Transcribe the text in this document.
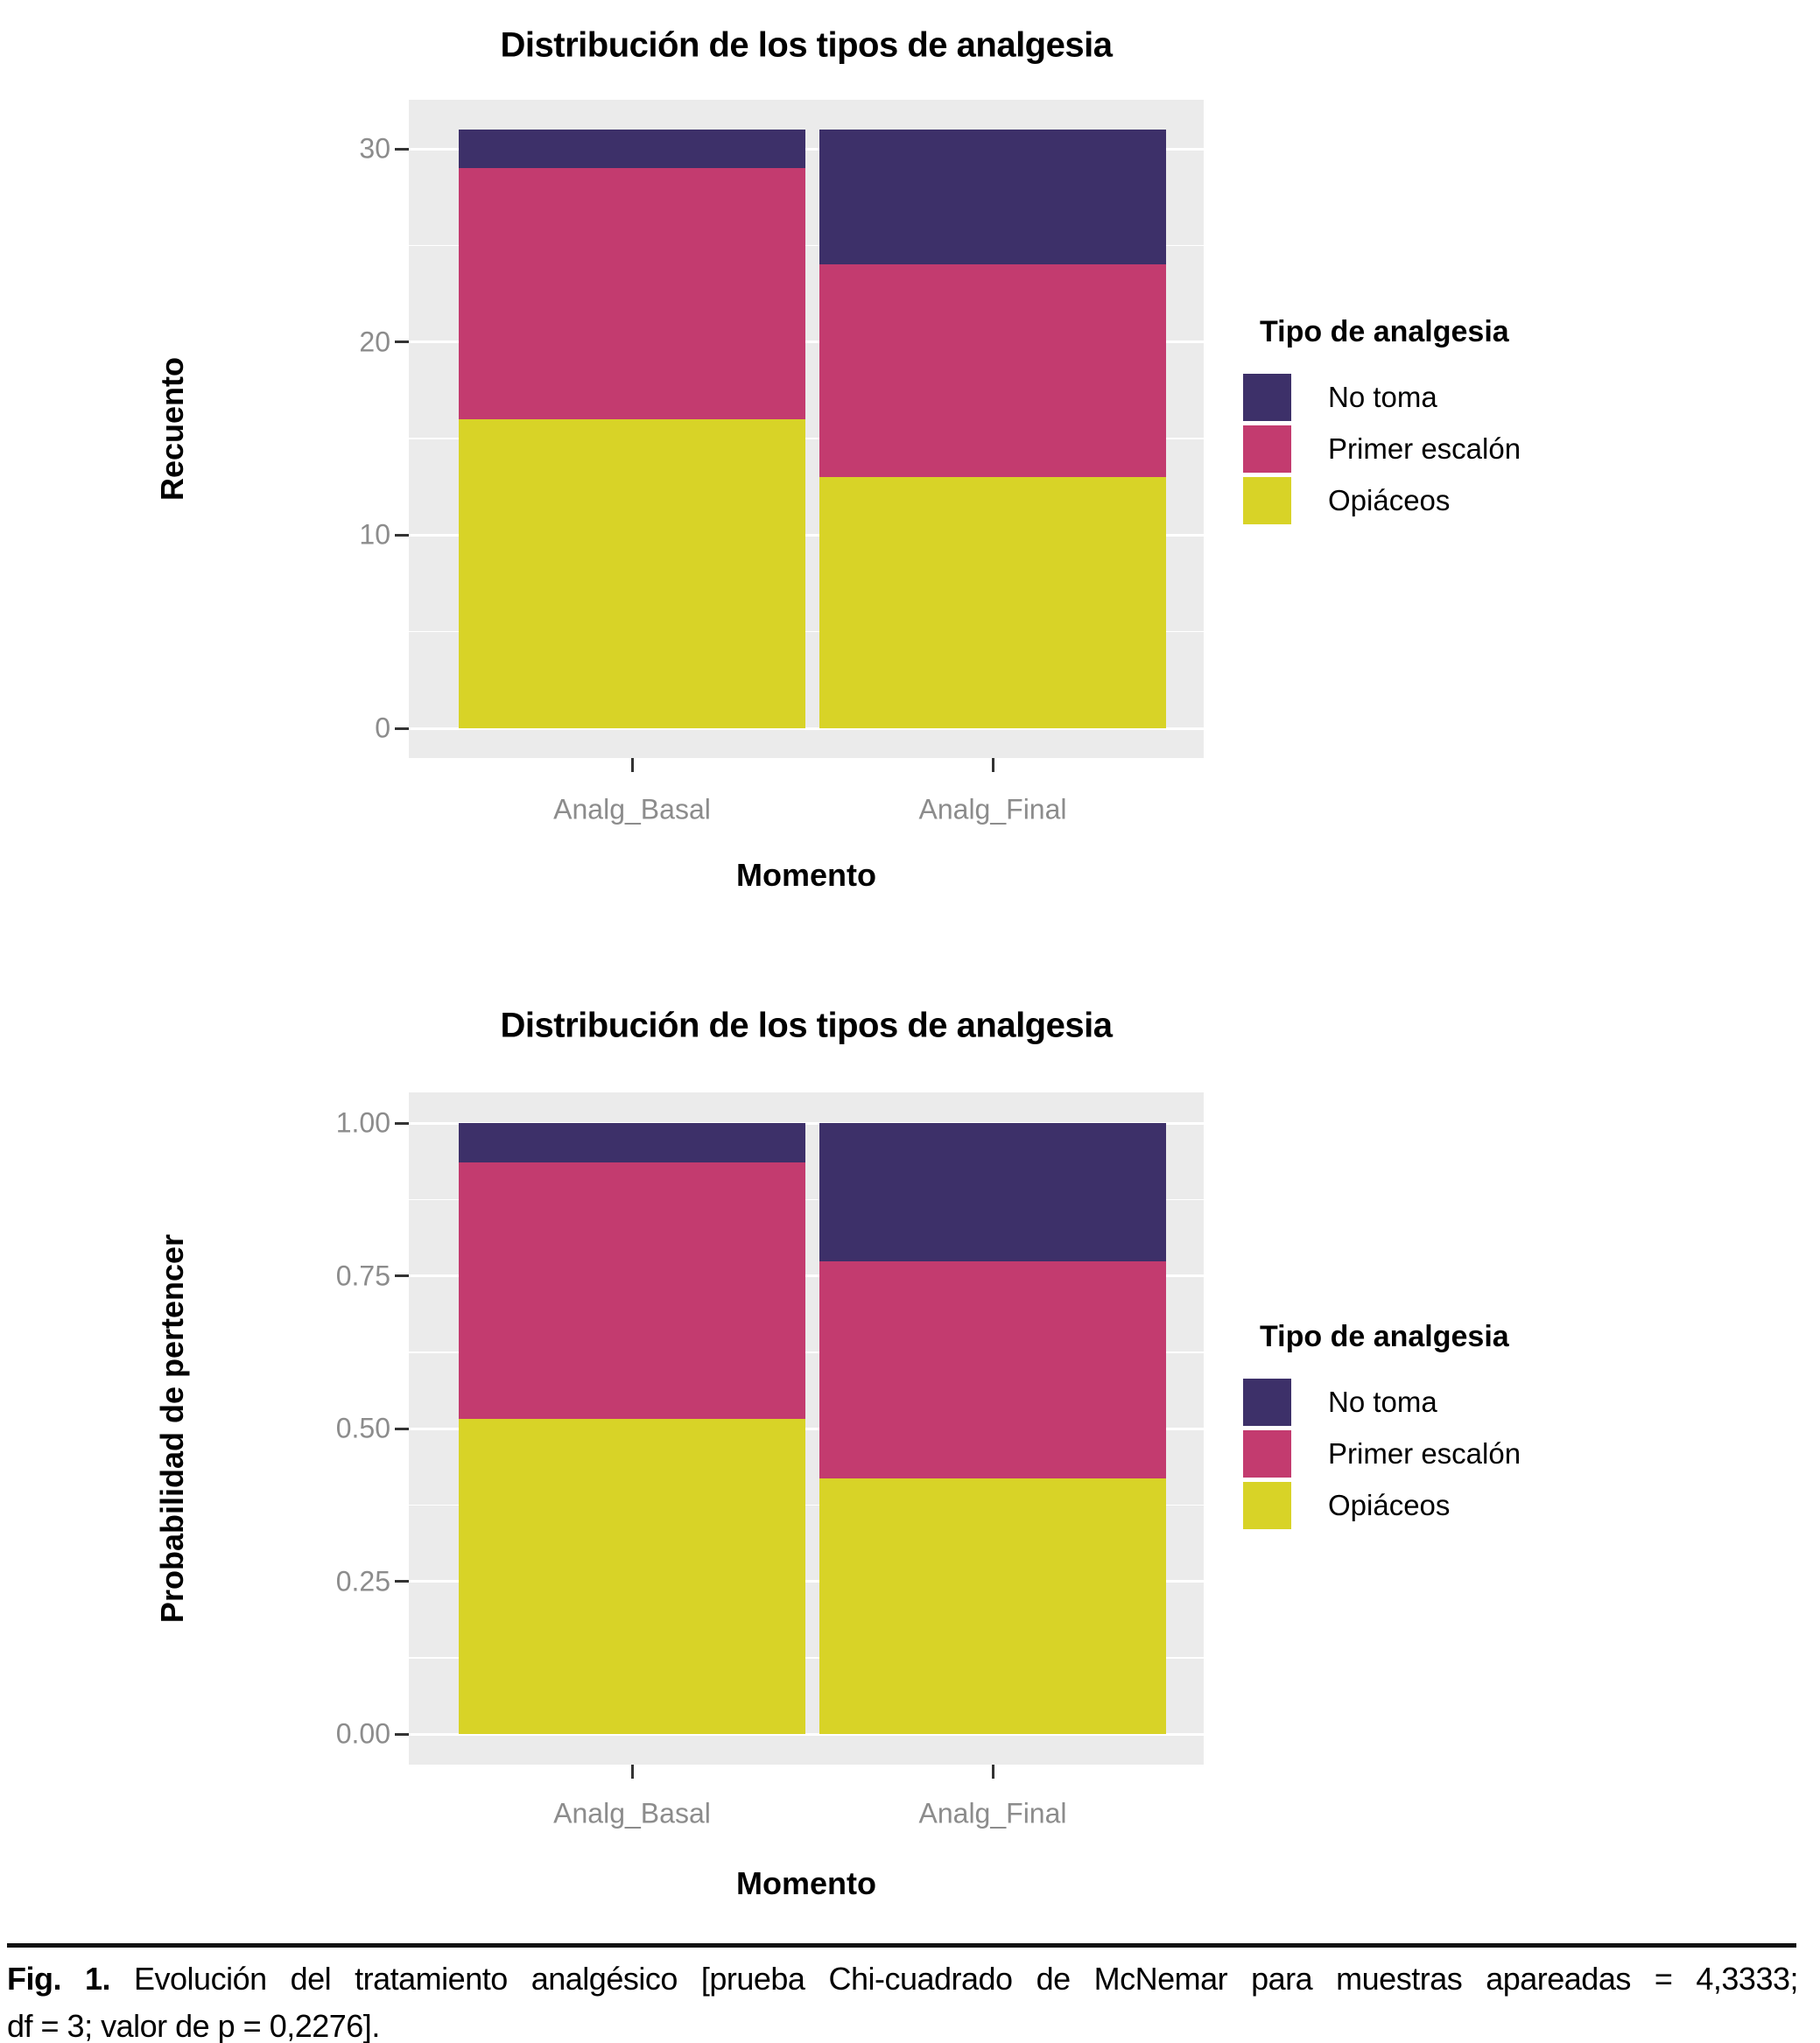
Distribución de los tipos de analgesia
Recuento
Momento
0
10
20
30
Analg_Basal	Analg_Final
Tipo de analgesia
No toma
Primer escalón
Opiáceos
Distribución de los tipos de analgesia
Probabilidad de pertencer
Momento
0.00
0.25
0.50
0.75
1.00
Analg_Basal	Analg_Final
Tipo de analgesia
No toma
Primer escalón
Opiáceos
Fig. 1. Evolución del tratamiento analgésico [prueba Chi-cuadrado de McNemar para muestras apareadas = 4,3333;
df = 3; valor de p = 0,2276].
